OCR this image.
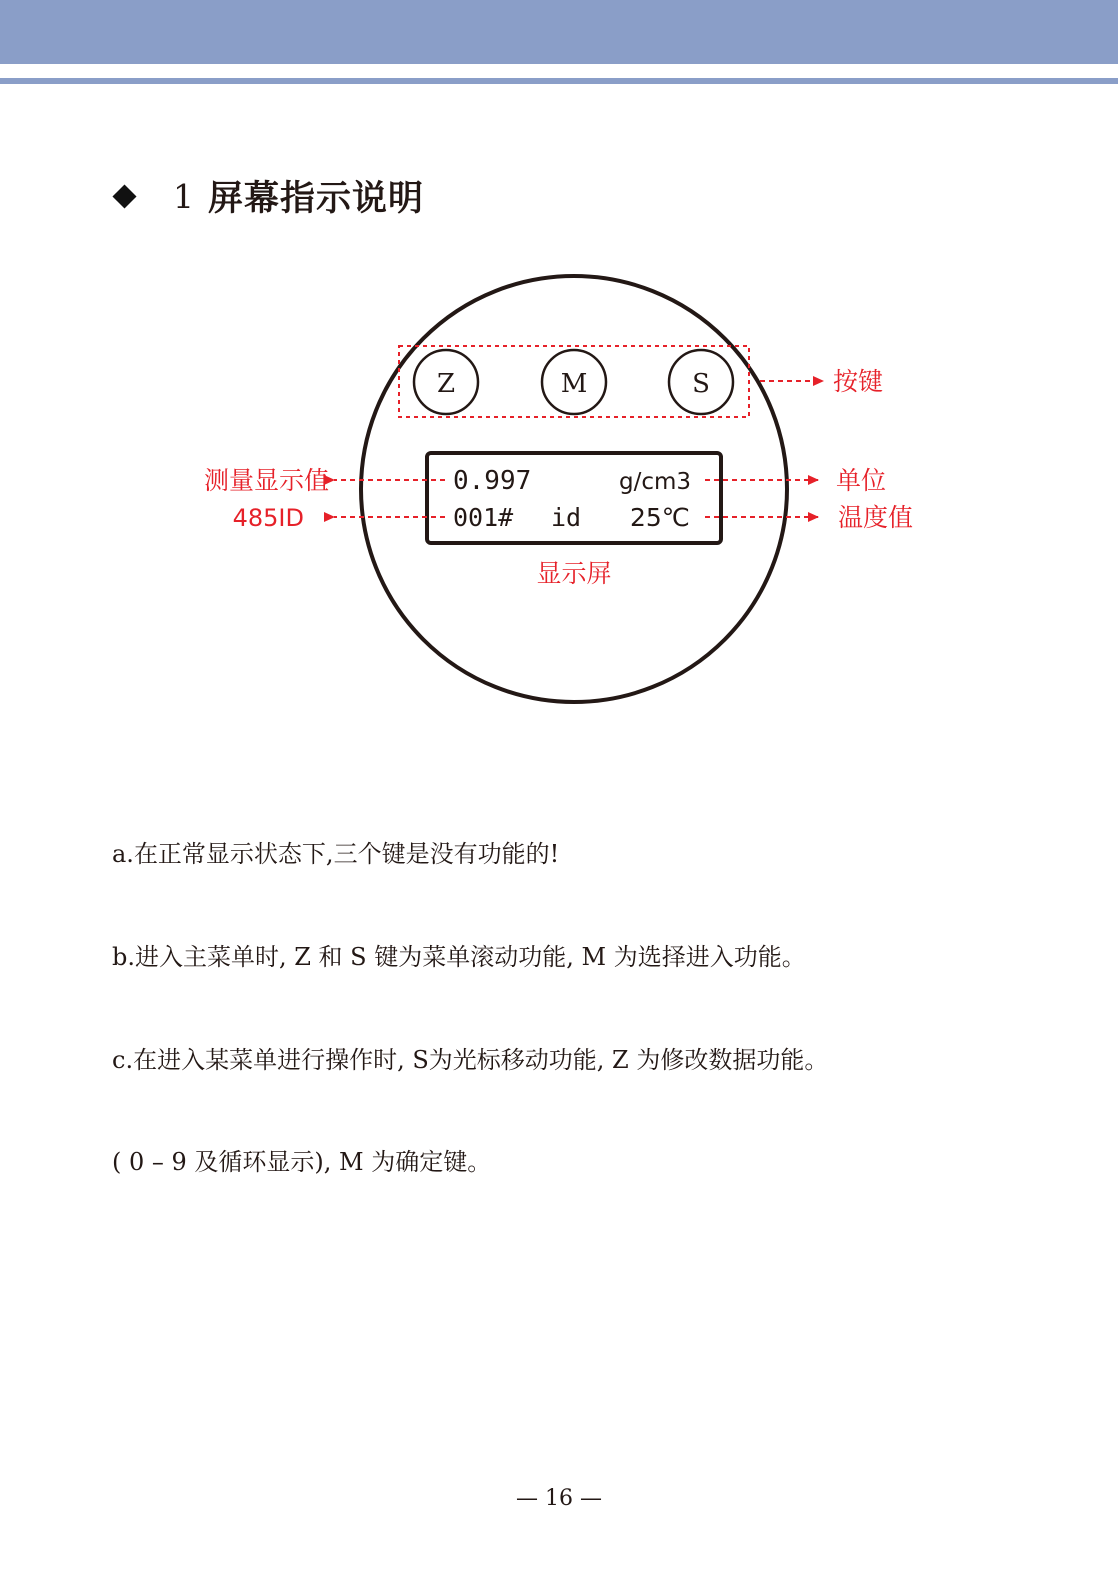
1 屏幕指示说明
Z	M	S	按键
0.997	g/cm3
001# id 25℃
测量显示值
485ID
单位
温度值
显示屏
a.在正常显示状态下,三个键是没有功能的!
b.进入主菜单时, Z 和 S 键为菜单滚动功能, M 为选择进入功能。
c.在进入某菜单进行操作时, S为光标移动功能, Z 为修改数据功能。
( 0 – 9 及循环显示), M 为确定键。
— 16 —
